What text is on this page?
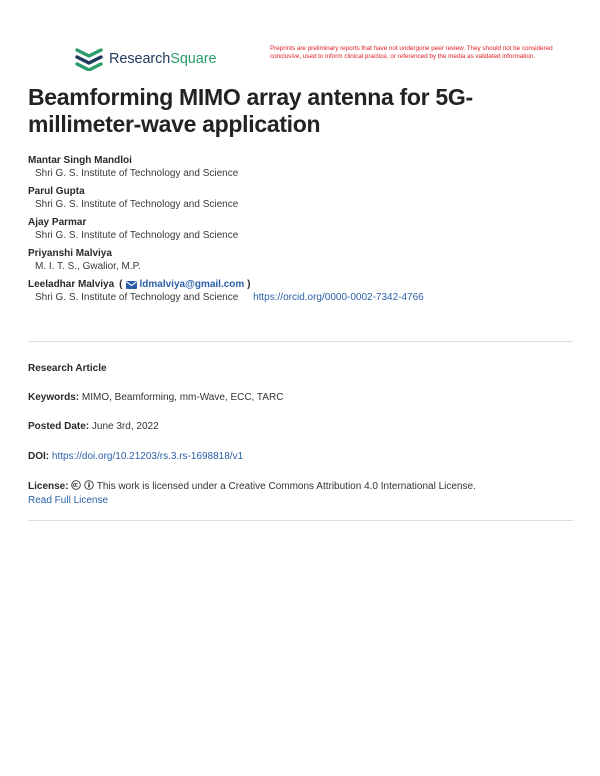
ResearchSquare
Preprints are preliminary reports that have not undergone peer review. They should not be considered conclusive, used to inform clinical practice, or referenced by the media as validated information.
Beamforming MIMO array antenna for 5G-millimeter-wave application
Mantar Singh Mandloi
Shri G. S. Institute of Technology and Science
Parul Gupta
Shri G. S. Institute of Technology and Science
Ajay Parmar
Shri G. S. Institute of Technology and Science
Priyanshi Malviya
M. I. T. S., Gwalior, M.P.
Leeladhar Malviya ( ldmalviya@gmail.com )
Shri G. S. Institute of Technology and Science https://orcid.org/0000-0002-7342-4766
Research Article
Keywords: MIMO, Beamforming, mm-Wave, ECC, TARC
Posted Date: June 3rd, 2022
DOI: https://doi.org/10.21203/rs.3.rs-1698818/v1
License:	This work is licensed under a Creative Commons Attribution 4.0 International License.
Read Full License
